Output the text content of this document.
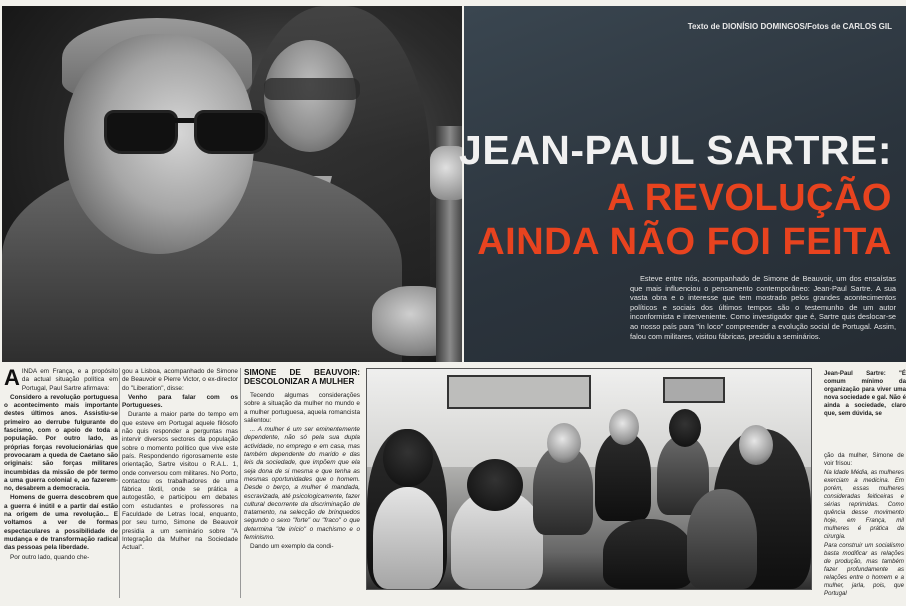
Texto de DIONÍSIO DOMINGOS/Fotos de CARLOS GIL
JEAN-PAUL SARTRE:
A REVOLUÇÃO
AINDA NÃO FOI FEITA

Esteve entre nós, acompanhado de Simone de Beauvoir, um dos ensaístas que mais influenciou o pensamento contemporâneo: Jean-Paul Sartre. A sua vasta obra e o interesse que tem mostrado pelos grandes acontecimentos políticos e sociais dos últimos tempos são o testemunho de um autor inconformista e interveniente. Como investigador que é, Sartre quis deslocar-se ao nosso país para "in loco" compreender a evolução social de Portugal. Assim, falou com militares, visitou fábricas, presidiu a seminários.

AINDA em França, e a propósito da actual situação política em Portugal, Paul Sartre afirmava:

Considero a revolução portuguesa o acontecimento mais importante destes últimos anos. Assistiu-se primeiro ao derrube fulgurante do fascismo, com o apoio de toda a população. Por outro lado, as próprias forças revolucionárias que provocaram a queda de Caetano são originais: são forças militares incumbidas da missão de pôr termo a uma guerra colonial e, ao fazerem-no, desabrem a democracia.

Homens de guerra descobrem que a guerra é inútil e a partir daí estão na origem de uma revolução... E voltamos a ver de formas espectaculares a possibilidade de mudança e de transformação radical das pessoas pela liberdade.

Por outro lado, quando che-

gou a Lisboa, acompanhado de Simone de Beauvoir e Pierre Victor, o ex-director do "Liberation", disse:

Venho para falar com os Portugueses.

Durante a maior parte do tempo em que esteve em Portugal aquele filósofo não quis responder a perguntas mas intervir diversos sectores da população sobre o momento político que vive este país. Respondendo rigorosamente este orientação, Sartre visitou o R.A.L. 1, onde conversou com militares. No Porto, contactou os trabalhadores de uma fábrica têxtil, onde se prática a autogestão, e participou em debates com estudantes e professores na Faculdade de Letras local, enquanto, por seu turno, Simone de Beauvoir presidia a um seminário sobre "A Integração da Mulher na Sociedade Actual".

SIMONE DE BEAUVOIR: DESCOLONIZAR A MULHER

Tecendo algumas considerações sobre a situação da mulher no mundo e a mulher portuguesa, aquela romancista salientou:

... A mulher é um ser eminentemente dependente, não só pela sua dupla actividade, no emprego e em casa, mas também dependente do marido e das leis da sociedade, que impõem que ela seja dona de si mesma e que tenha as mesmas oportunidades que o homem. Desde o berço, a mulher é mandada, escravizada, até psicologicamente, fazer cultural decorrente da discriminação de tratamento, na selecção de brinquedos segundo o sexo "forte" ou "fraco" o que determina "de início" o machismo e o feminismo.

Dando um exemplo da condi-

Jean-Paul Sartre: "É comum mínimo da organização para viver uma nova sociedade e gal. Não é ainda a sociedade, claro que, sem dúvida, se

ção da mulher, Simone de voir frisou:

Na Idade Média, as mulheres exerciam a medicina. Em porém, essas mulheres consideradas feiticeiras e sérias reprimidas. Como quência desse movimento hoje, em França, mil mulheres é prática da cirurgia.

Para construir um socialismo basta modificar as relações de produção, mas também fazer profundamente as relações entre o homem e a mulher, jarla, pois, que Portugal
